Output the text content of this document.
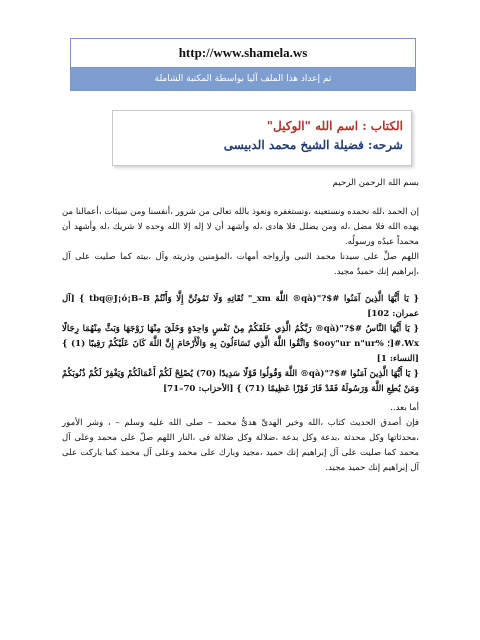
http://www.shamela.ws
تم إعداد هذا الملف آليا بواسطة المكتبة الشاملة
الكتاب : اسم الله "الوكيل"
شرحه: فضيلة الشيخ محمد الدبيسى

بسم الله الرحمن الرحيم

إن الحمد ،لله نحمده ونستعينه ،ونستغفره ونعوذ بالله تعالى من شرور ،أنفسنا ومن سيئات ،أعمالنا من يهده الله فلا مضل ،له ومن يضلل فلا هادى ،له وأشهد أن لا إله إلا الله وحده لا شريك ،له وأشهد أن محمداً عبدُه ورسولُه.

اللهم صلِّ على سيدنا محمد النبى وأزواجه أمهات ،المؤمنين وذريته وآل ،بيته كما صليت على آل ،إبراهيم إنك حميدٌ مجيد.

{ يَا أَيُّهَا الَّذِينَ آمَنُوا #$?"(qà® اللَّهَ xm_" تُقَاتِهِ وَلَا تَمُوتُنَّ إِلَّا وَأَنْتُمْ tbq@J¡ó¡B–B } [آل عمران: 102]

{ يَا أَيُّهَا النَّاسُ #$?"(qà® رَبَّكُمُ الَّذِي خَلَقَكُمْ مِنْ نَفْسٍ وَاحِدَةٍ وَخَلَقَ مِنْهَا زَوْجَهَا وَبَثَّ مِنْهُمَا رِجَالًا Wx.#[؛ %ooy"ur n"ur$ وَاتَّقُوا اللَّهَ الَّذِي تَسَاءَلُونَ بِهِ وَالْأَرْحَامَ إِنَّ اللَّهَ كَانَ عَلَيْكُمْ رَقِيبًا (1) } [النساء: 1]

{ يَا أَيُّهَا الَّذِينَ آمَنُوا #$?"(qà® اللَّهَ وَقُولُوا قَوْلًا سَدِيدًا (70) يُصْلِحْ لَكُمْ أَعْمَالَكُمْ وَيَغْفِرْ لَكُمْ ذُنُوبَكُمْ وَمَنْ يُطِعِ اللَّهَ وَرَسُولَهُ فَقَدْ فَازَ فَوْزًا عَظِيمًا (71) } [الأحزاب: 70–71]

أما بعد..

فإن أصدق الحديث كتاب ،الله وخير الهدىِّ هدىُّ محمد – صلى الله عليه وسلم – ، وشر الأمور ،محدثاتها وكل محدثة ،بدعة وكل بدعة ،ضلالة وكل ضلالة فى ،النار اللهم صلّ على محمد وعلى آل محمد كما صليت على آل إبراهيم إنك حميد ،مجيد وبارك على محمد وعلى آل محمد كما باركت على آل إبراهيم إنك حميد مجيد.
